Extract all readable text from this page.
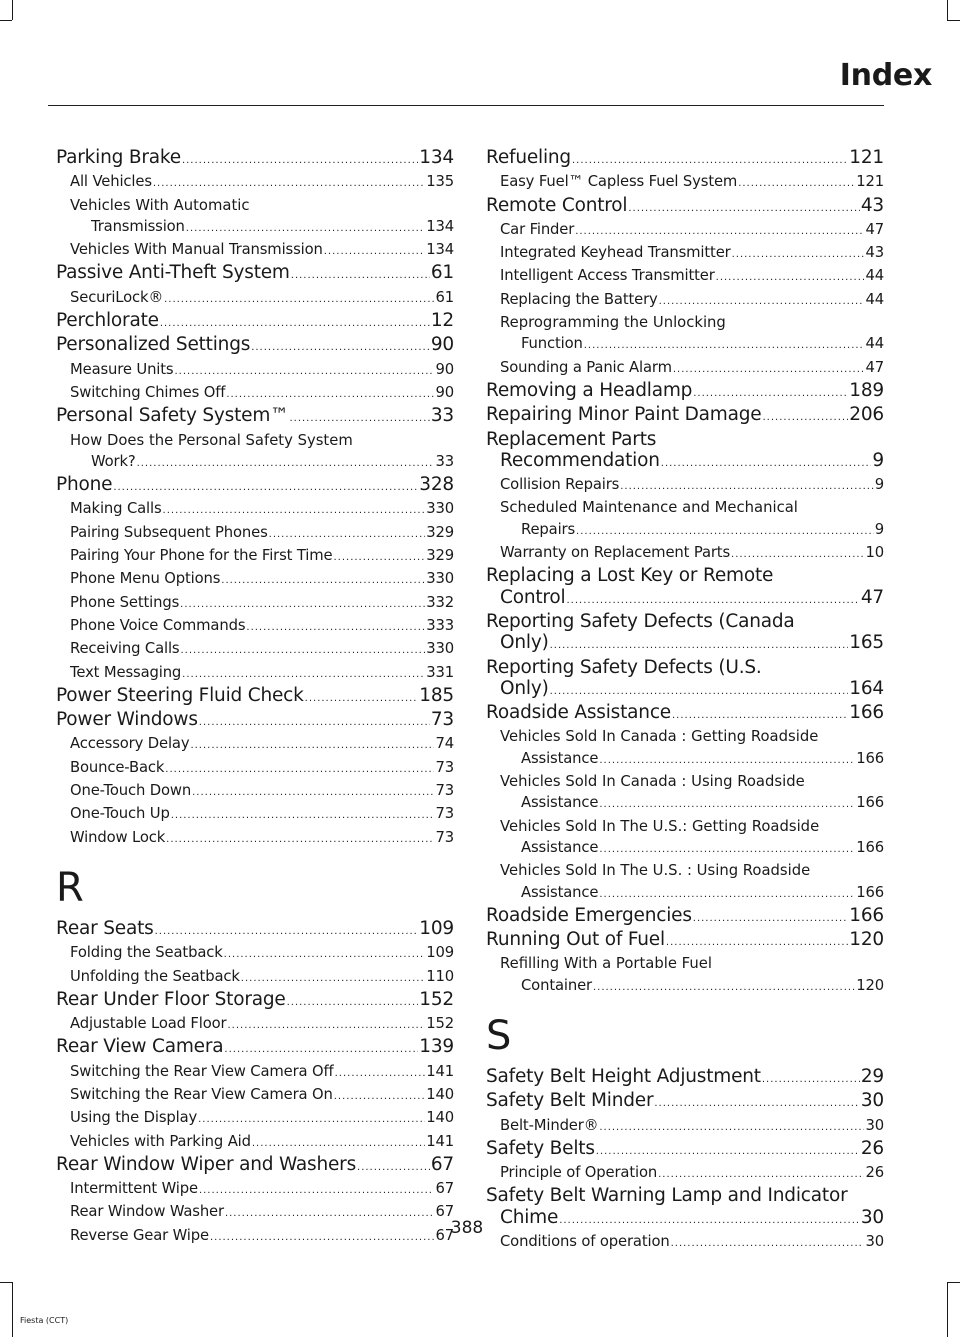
Index
Parking Brake .....	134
All Vehicles .....	135
Vehicles With Automatic
Transmission .....	134
Vehicles With Manual Transmission .....	134
Passive Anti-Theft System .....	61
SecuriLock® .....	61
Perchlorate .....	12
Personalized Settings .....	90
Measure Units .....	90
Switching Chimes Off .....	90
Personal Safety System™ .....	33
How Does the Personal Safety System
Work? .....	33
Phone .....	328
Making Calls .....	330
Pairing Subsequent Phones .....	329
Pairing Your Phone for the First Time .....	329
Phone Menu Options .....	330
Phone Settings .....	332
Phone Voice Commands .....	333
Receiving Calls .....	330
Text Messaging .....	331
Power Steering Fluid Check .....	185
Power Windows .....	73
Accessory Delay .....	74
Bounce-Back .....	73
One-Touch Down .....	73
One-Touch Up .....	73
Window Lock .....	73
R
Rear Seats .....	109
Folding the Seatback .....	109
Unfolding the Seatback .....	110
Rear Under Floor Storage .....	152
Adjustable Load Floor .....	152
Rear View Camera .....	139
Switching the Rear View Camera Off .....	141
Switching the Rear View Camera On .....	140
Using the Display .....	140
Vehicles with Parking Aid .....	141
Rear Window Wiper and Washers .....	67
Intermittent Wipe .....	67
Rear Window Washer .....	67
Reverse Gear Wipe .....	67
Refueling .....	121
Easy Fuel™ Capless Fuel System .....	121
Remote Control .....	43
Car Finder .....	47
Integrated Keyhead Transmitter .....	43
Intelligent Access Transmitter .....	44
Replacing the Battery .....	44
Reprogramming the Unlocking
Function .....	44
Sounding a Panic Alarm .....	47
Removing a Headlamp .....	189
Repairing Minor Paint Damage .....	206
Replacement Parts
Recommendation .....	9
Collision Repairs .....	9
Scheduled Maintenance and Mechanical
Repairs .....	9
Warranty on Replacement Parts .....	10
Replacing a Lost Key or Remote
Control .....	47
Reporting Safety Defects (Canada
Only) .....	165
Reporting Safety Defects (U.S.
Only) .....	164
Roadside Assistance .....	166
Vehicles Sold In Canada : Getting Roadside
Assistance .....	166
Vehicles Sold In Canada : Using Roadside
Assistance .....	166
Vehicles Sold In The U.S.: Getting Roadside
Assistance .....	166
Vehicles Sold In The U.S. : Using Roadside
Assistance .....	166
Roadside Emergencies .....	166
Running Out of Fuel .....	120
Refilling With a Portable Fuel
Container .....	120
S
Safety Belt Height Adjustment .....	29
Safety Belt Minder .....	30
Belt-Minder® .....	30
Safety Belts .....	26
Principle of Operation .....	26
Safety Belt Warning Lamp and Indicator
Chime .....	30
Conditions of operation .....	30
388
Fiesta (CCT)
